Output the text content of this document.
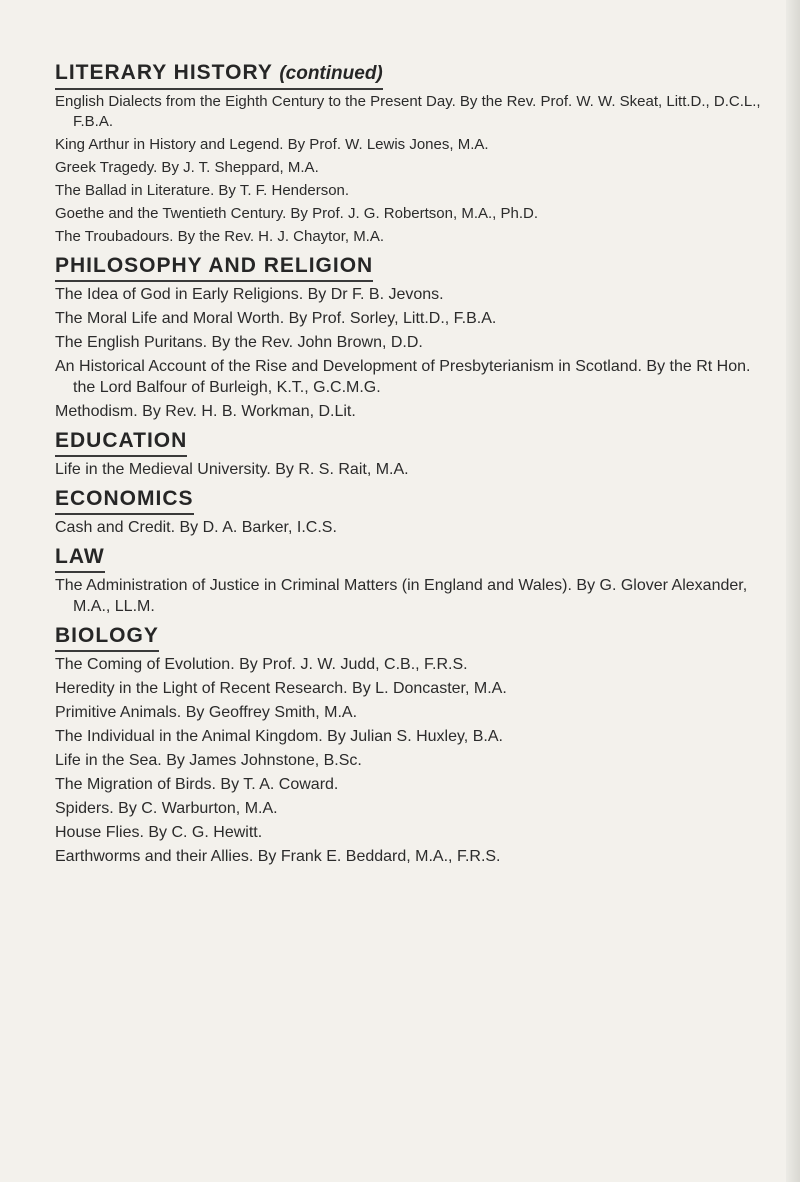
LITERARY HISTORY (continued)
English Dialects from the Eighth Century to the Present Day. By the Rev. Prof. W. W. Skeat, Litt.D., D.C.L., F.B.A.
King Arthur in History and Legend. By Prof. W. Lewis Jones, M.A.
Greek Tragedy. By J. T. Sheppard, M.A.
The Ballad in Literature. By T. F. Henderson.
Goethe and the Twentieth Century. By Prof. J. G. Robertson, M.A., Ph.D.
The Troubadours. By the Rev. H. J. Chaytor, M.A.
PHILOSOPHY AND RELIGION
The Idea of God in Early Religions. By Dr F. B. Jevons.
The Moral Life and Moral Worth. By Prof. Sorley, Litt.D., F.B.A.
The English Puritans. By the Rev. John Brown, D.D.
An Historical Account of the Rise and Development of Presbyterianism in Scotland. By the Rt Hon. the Lord Balfour of Burleigh, K.T., G.C.M.G.
Methodism. By Rev. H. B. Workman, D.Lit.
EDUCATION
Life in the Medieval University. By R. S. Rait, M.A.
ECONOMICS
Cash and Credit. By D. A. Barker, I.C.S.
LAW
The Administration of Justice in Criminal Matters (in England and Wales). By G. Glover Alexander, M.A., LL.M.
BIOLOGY
The Coming of Evolution. By Prof. J. W. Judd, C.B., F.R.S.
Heredity in the Light of Recent Research. By L. Doncaster, M.A.
Primitive Animals. By Geoffrey Smith, M.A.
The Individual in the Animal Kingdom. By Julian S. Huxley, B.A.
Life in the Sea. By James Johnstone, B.Sc.
The Migration of Birds. By T. A. Coward.
Spiders. By C. Warburton, M.A.
House Flies. By C. G. Hewitt.
Earthworms and their Allies. By Frank E. Beddard, M.A., F.R.S.
